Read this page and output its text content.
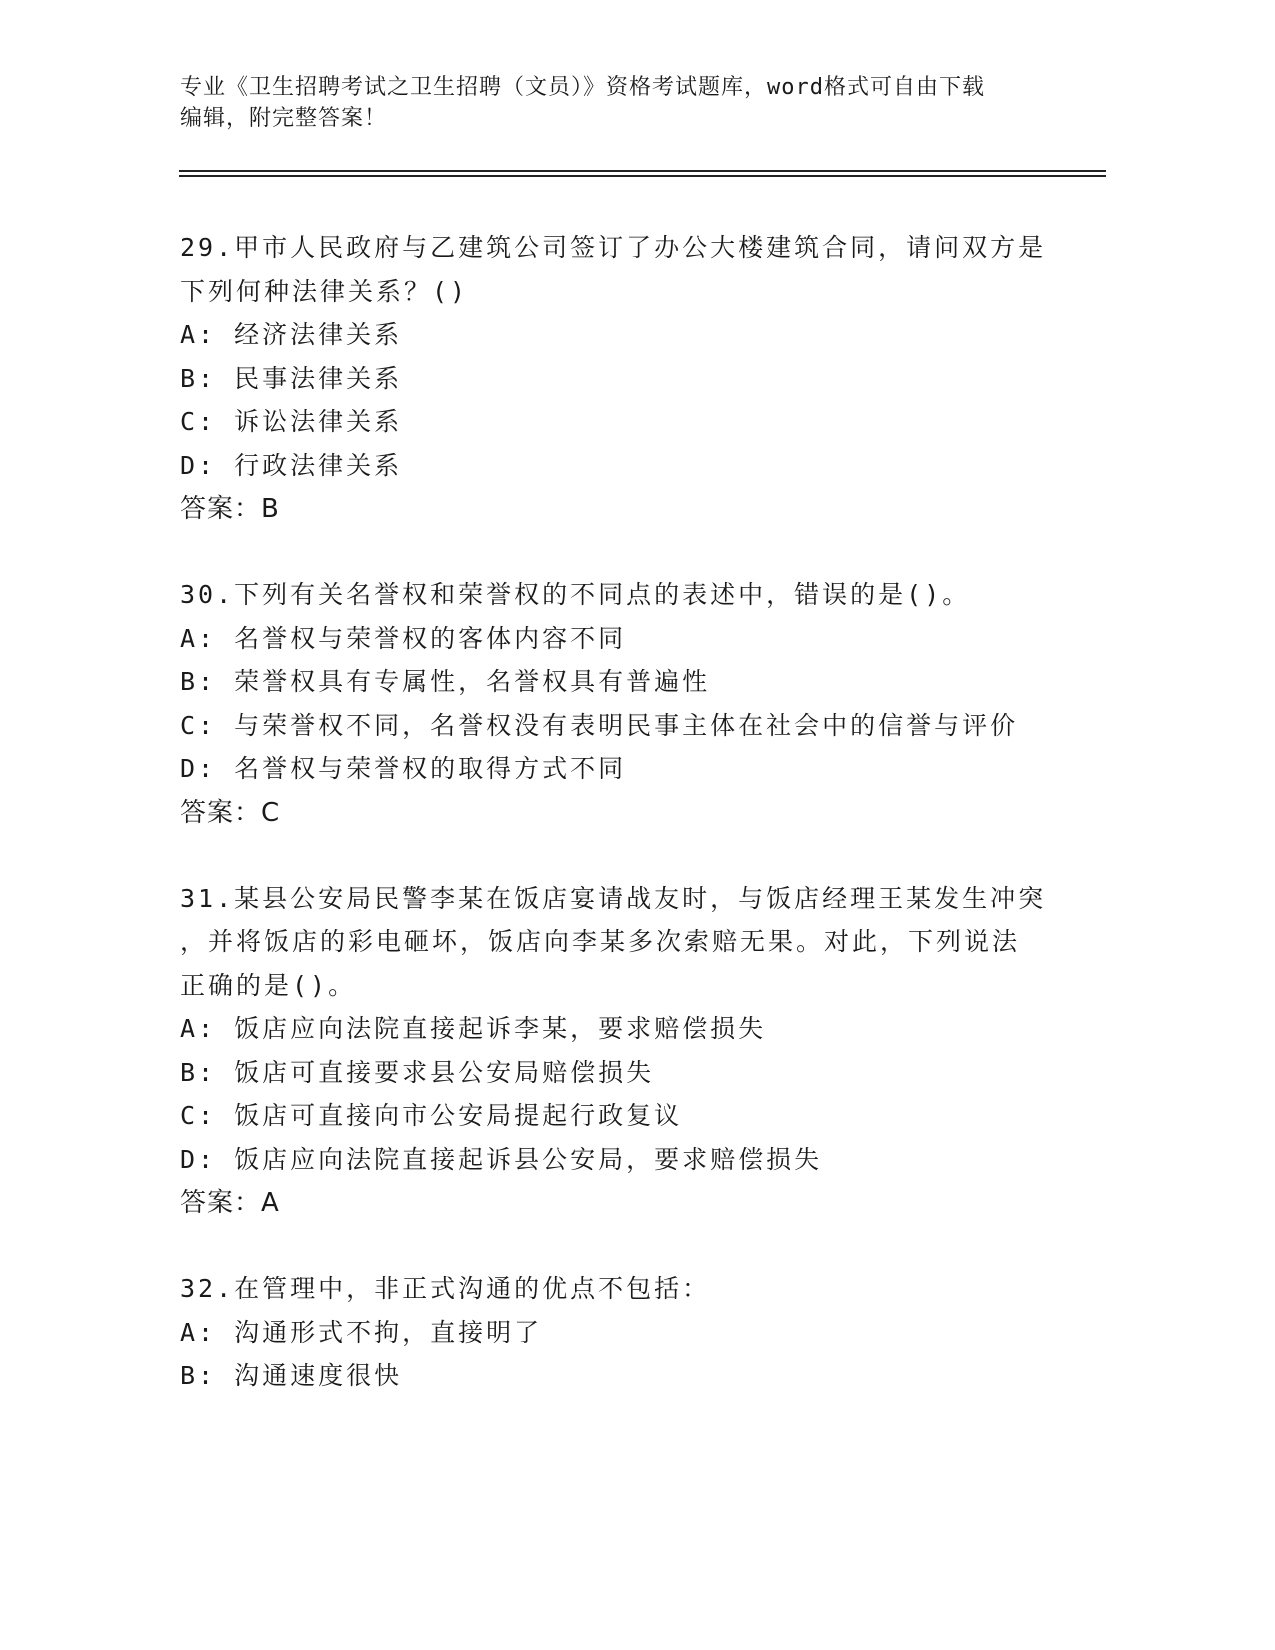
专业《卫生招聘考试之卫生招聘（文员）》资格考试题库，word格式可自由下载
编辑，附完整答案！
29.甲市人民政府与乙建筑公司签订了办公大楼建筑合同，请问双方是
下列何种法律关系？()
A: 经济法律关系
B: 民事法律关系
C: 诉讼法律关系
D: 行政法律关系
答案：B
30.下列有关名誉权和荣誉权的不同点的表述中，错误的是()。
A: 名誉权与荣誉权的客体内容不同
B: 荣誉权具有专属性，名誉权具有普遍性
C: 与荣誉权不同，名誉权没有表明民事主体在社会中的信誉与评价
D: 名誉权与荣誉权的取得方式不同
答案：C
31.某县公安局民警李某在饭店宴请战友时，与饭店经理王某发生冲突
，并将饭店的彩电砸坏，饭店向李某多次索赔无果。对此，下列说法
正确的是()。
A: 饭店应向法院直接起诉李某，要求赔偿损失
B: 饭店可直接要求县公安局赔偿损失
C: 饭店可直接向市公安局提起行政复议
D: 饭店应向法院直接起诉县公安局，要求赔偿损失
答案：A
32.在管理中，非正式沟通的优点不包括：
A: 沟通形式不拘，直接明了
B: 沟通速度很快
